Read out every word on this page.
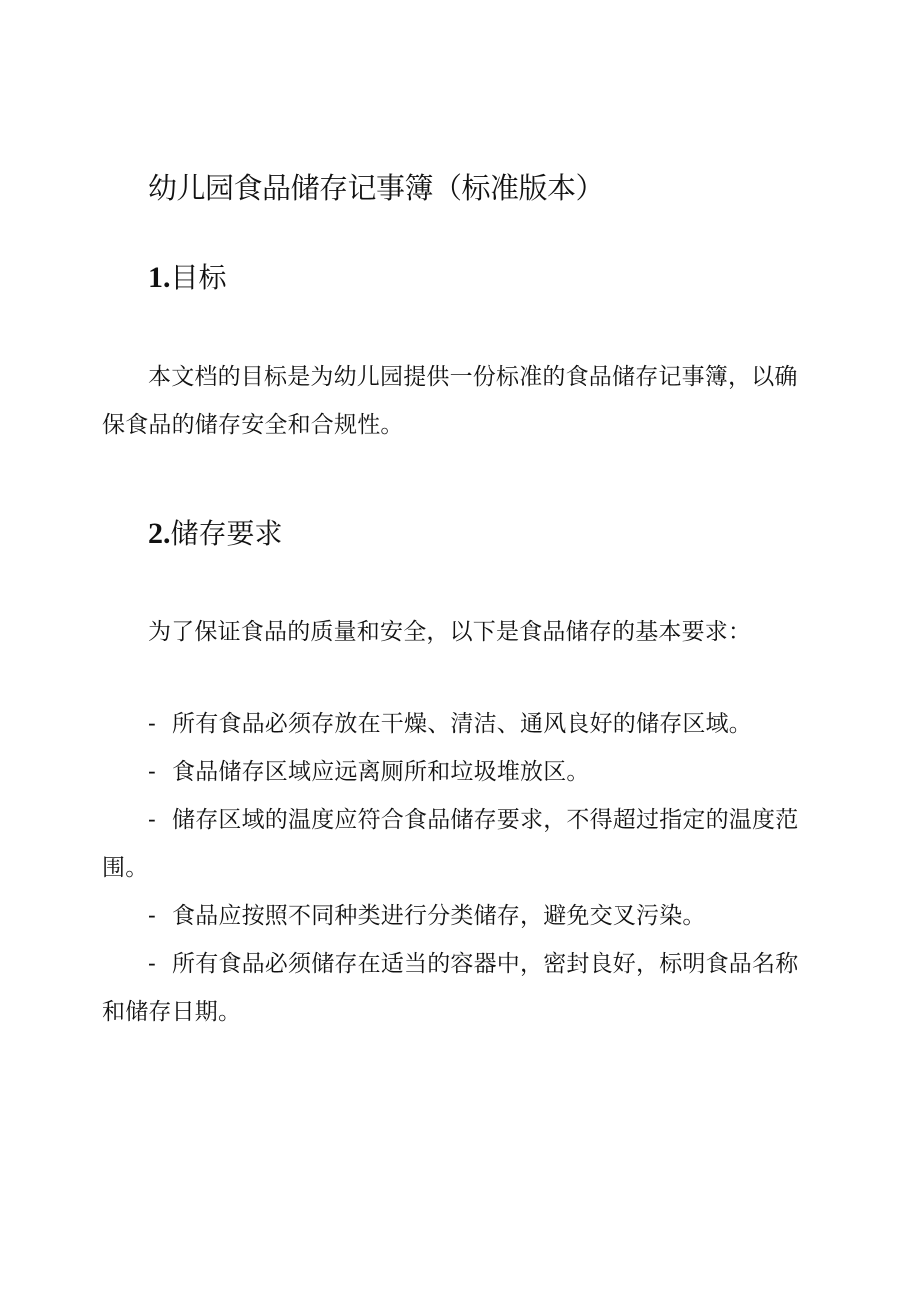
幼儿园食品储存记事簿（标准版本）
1.目标

本文档的目标是为幼儿园提供一份标准的食品储存记事簿，以确保食品的储存安全和合规性。

2.储存要求

为了保证食品的质量和安全，以下是食品储存的基本要求：

- 所有食品必须存放在干燥、清洁、通风良好的储存区域。
- 食品储存区域应远离厕所和垃圾堆放区。
- 储存区域的温度应符合食品储存要求，不得超过指定的温度范围。
- 食品应按照不同种类进行分类储存，避免交叉污染。
- 所有食品必须储存在适当的容器中，密封良好，标明食品名称和储存日期。
